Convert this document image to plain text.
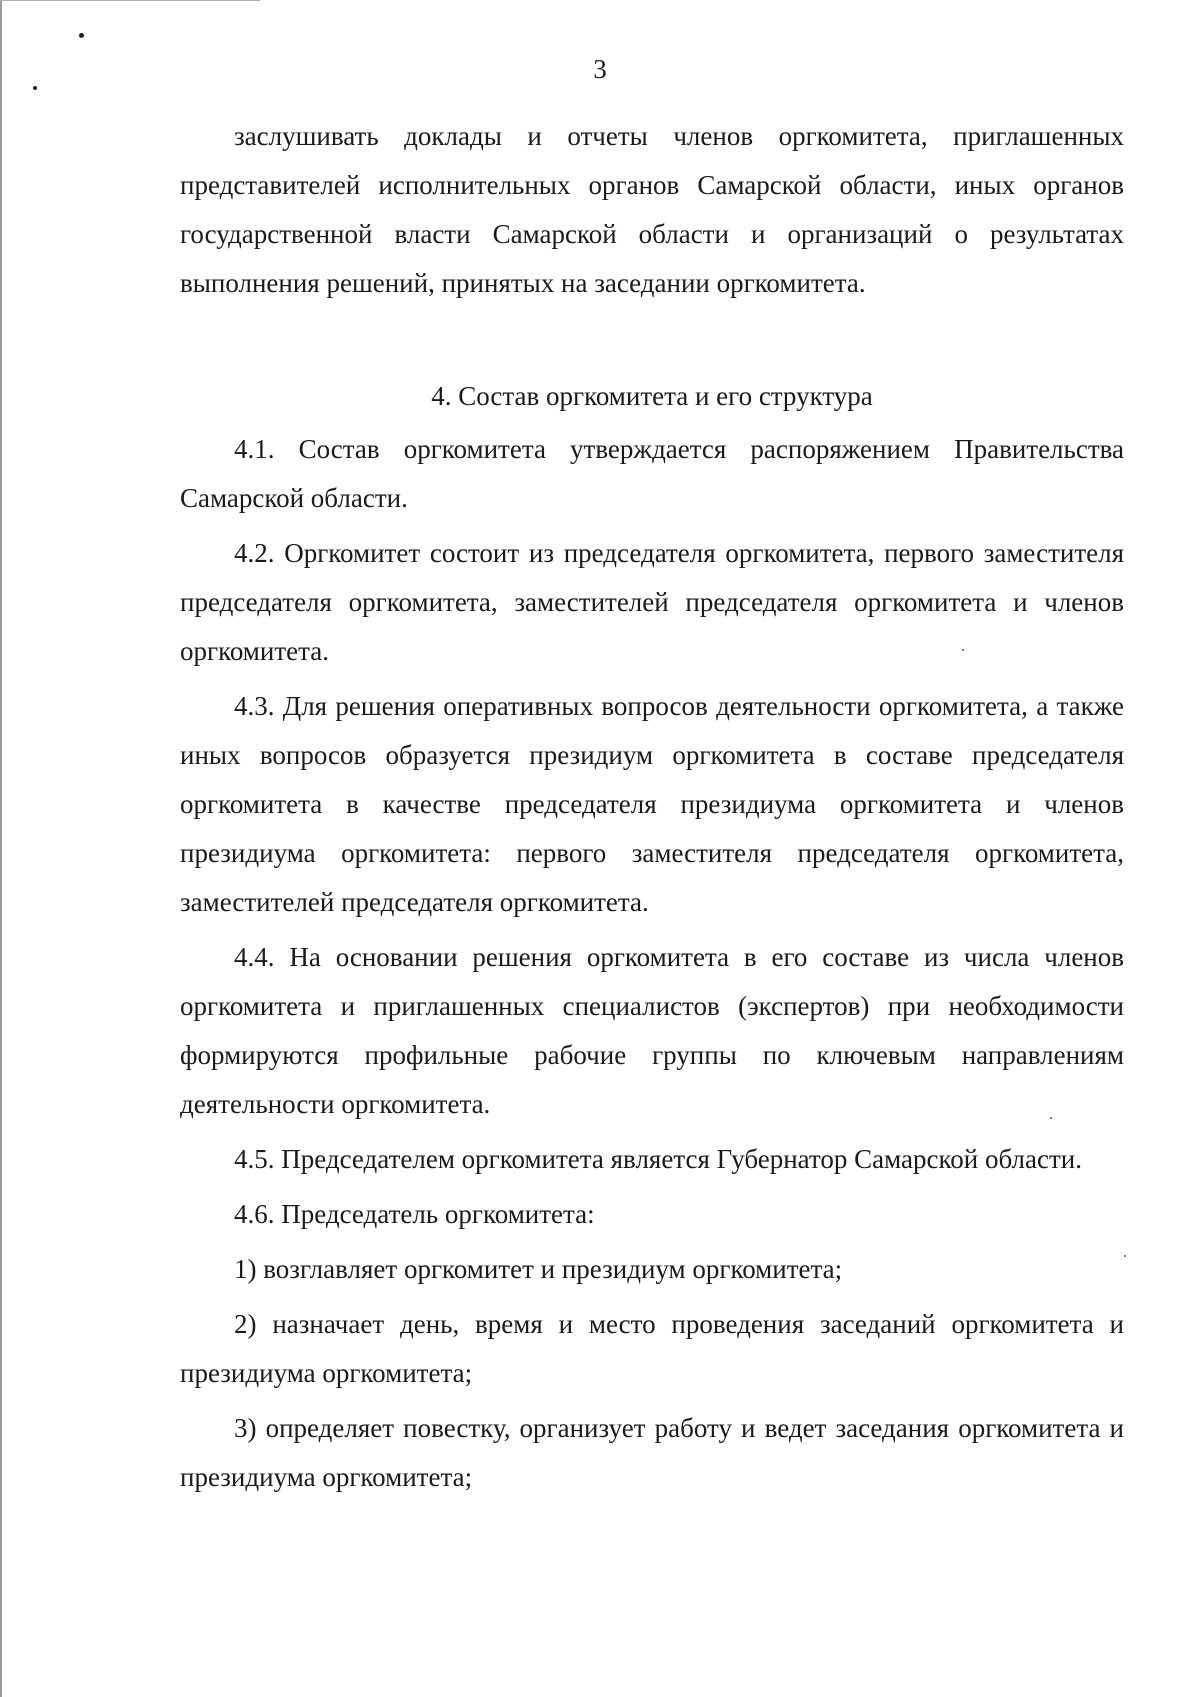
3

заслушивать доклады и отчеты членов оргкомитета, приглашенных представителей исполнительных органов Самарской области, иных органов государственной власти Самарской области и организаций о результатах выполнения решений, принятых на заседании оргкомитета.

4. Состав оргкомитета и его структура

4.1. Состав оргкомитета утверждается распоряжением Правительства Самарской области.

4.2. Оргкомитет состоит из председателя оргкомитета, первого заместителя председателя оргкомитета, заместителей председателя оргкомитета и членов оргкомитета.

4.3. Для решения оперативных вопросов деятельности оргкомитета, а также иных вопросов образуется президиум оргкомитета в составе председателя оргкомитета в качестве председателя президиума оргкомитета и членов президиума оргкомитета: первого заместителя председателя оргкомитета, заместителей председателя оргкомитета.

4.4. На основании решения оргкомитета в его составе из числа членов оргкомитета и приглашенных специалистов (экспертов) при необходимости формируются профильные рабочие группы по ключевым направлениям деятельности оргкомитета.

4.5. Председателем оргкомитета является Губернатор Самарской области.

4.6. Председатель оргкомитета:

1) возглавляет оргкомитет и президиум оргкомитета;

2) назначает день, время и место проведения заседаний оргкомитета и президиума оргкомитета;

3) определяет повестку, организует работу и ведет заседания оргкомитета и президиума оргкомитета;
